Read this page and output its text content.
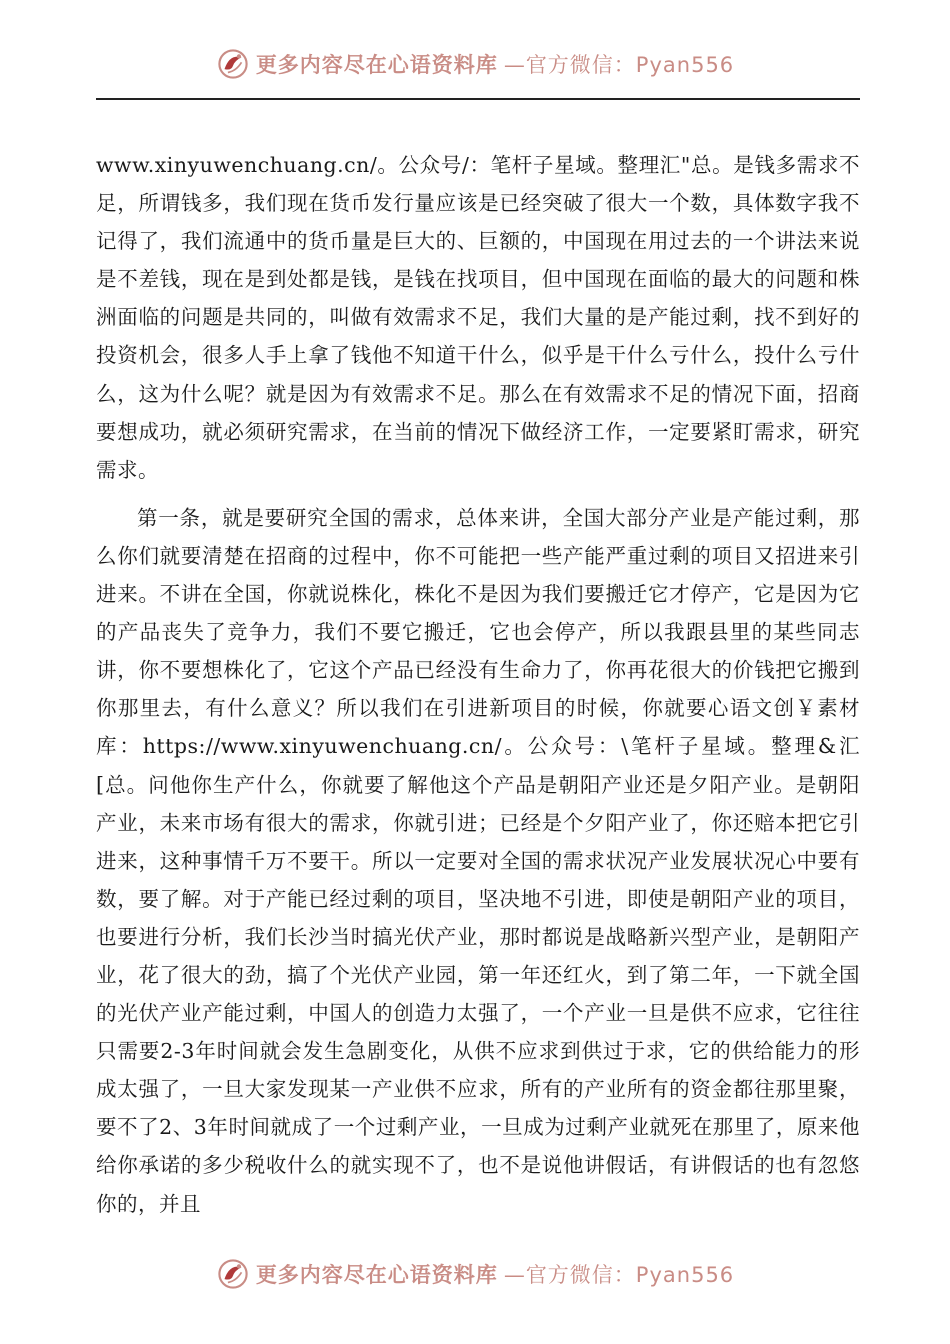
更多内容尽在心语资料库 —官方微信：Pyan556

www.xinyuwenchuang.cn/。公众号/：笔杆子星域。整理汇"总。是钱多需求不足，所谓钱多，我们现在货币发行量应该是已经突破了很大一个数，具体数字我不记得了，我们流通中的货币量是巨大的、巨额的，中国现在用过去的一个讲法来说是不差钱，现在是到处都是钱，是钱在找项目，但中国现在面临的最大的问题和株洲面临的问题是共同的，叫做有效需求不足，我们大量的是产能过剩，找不到好的投资机会，很多人手上拿了钱他不知道干什么，似乎是干什么亏什么，投什么亏什么，这为什么呢？就是因为有效需求不足。那么在有效需求不足的情况下面，招商要想成功，就必须研究需求，在当前的情况下做经济工作，一定要紧盯需求，研究需求。

第一条，就是要研究全国的需求，总体来讲，全国大部分产业是产能过剩，那么你们就要清楚在招商的过程中，你不可能把一些产能严重过剩的项目又招进来引进来。不讲在全国，你就说株化，株化不是因为我们要搬迁它才停产，它是因为它的产品丧失了竞争力，我们不要它搬迁，它也会停产，所以我跟县里的某些同志讲，你不要想株化了，它这个产品已经没有生命力了，你再花很大的价钱把它搬到你那里去，有什么意义？所以我们在引进新项目的时候，你就要心语文创￥素材库：https://www.xinyuwenchuang.cn/。公众号：\笔杆子星域。整理&汇[总。问他你生产什么，你就要了解他这个产品是朝阳产业还是夕阳产业。是朝阳产业，未来市场有很大的需求，你就引进；已经是个夕阳产业了，你还赔本把它引进来，这种事情千万不要干。所以一定要对全国的需求状况产业发展状况心中要有数，要了解。对于产能已经过剩的项目，坚决地不引进，即使是朝阳产业的项目，也要进行分析，我们长沙当时搞光伏产业，那时都说是战略新兴型产业，是朝阳产业，花了很大的劲，搞了个光伏产业园，第一年还红火，到了第二年，一下就全国的光伏产业产能过剩，中国人的创造力太强了，一个产业一旦是供不应求，它往往只需要2-3年时间就会发生急剧变化，从供不应求到供过于求，它的供给能力的形成太强了，一旦大家发现某一产业供不应求，所有的产业所有的资金都往那里聚，要不了2、3年时间就成了一个过剩产业，一旦成为过剩产业就死在那里了，原来他给你承诺的多少税收什么的就实现不了，也不是说他讲假话，有讲假话的也有忽悠你的，并且

更多内容尽在心语资料库 —官方微信：Pyan556
